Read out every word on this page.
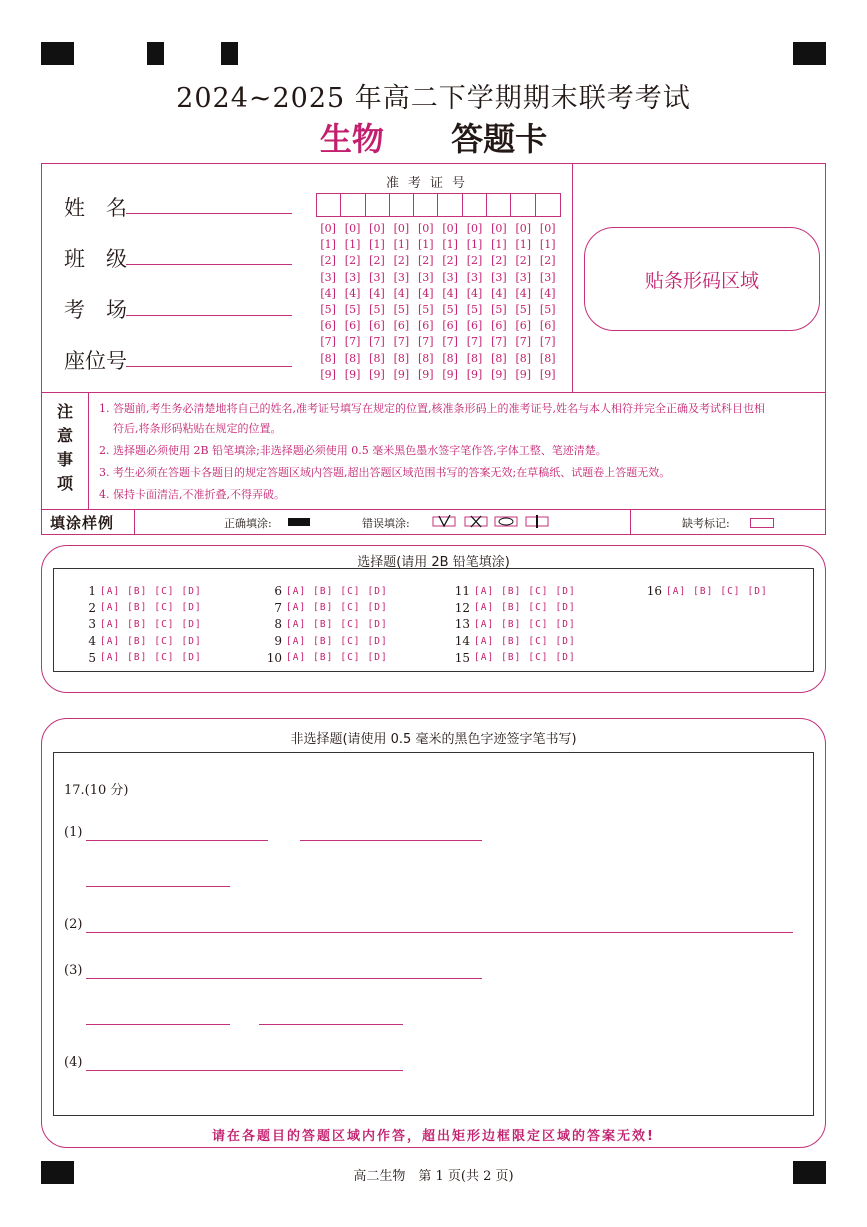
2024~2025 年高二下学期期末联考考试
生物 答题卡
姓　名
班　级
考　场
座位号
准考证号
[0] [0] [0] [0] [0] [0] [0] [0] [0] [0]
[1] [1] [1] [1] [1] [1] [1] [1] [1] [1]
[2] [2] [2] [2] [2] [2] [2] [2] [2] [2]
[3] [3] [3] [3] [3] [3] [3] [3] [3] [3]
[4] [4] [4] [4] [4] [4] [4] [4] [4] [4]
[5] [5] [5] [5] [5] [5] [5] [5] [5] [5]
[6] [6] [6] [6] [6] [6] [6] [6] [6] [6]
[7] [7] [7] [7] [7] [7] [7] [7] [7] [7]
[8] [8] [8] [8] [8] [8] [8] [8] [8] [8]
[9] [9] [9] [9] [9] [9] [9] [9] [9] [9]
贴条形码区域
注
意
事
项
1. 答题前,考生务必清楚地将自己的姓名,准考证号填写在规定的位置,核准条形码上的准考证号,姓名与本人相符并完全正确及考试科目也相
符后,将条形码粘贴在规定的位置。
2. 选择题必须使用 2B 铅笔填涂;非选择题必须使用 0.5 毫米黑色墨水签字笔作答,字体工整、笔迹清楚。
3. 考生必须在答题卡各题目的规定答题区域内答题,超出答题区域范围书写的答案无效;在草稿纸、试题卷上答题无效。
4. 保持卡面清洁,不准折叠,不得弄破。
填涂样例	正确填涂:	错误填涂:	缺考标记:
选择题(请用 2B 铅笔填涂)
1 [A] [B] [C] [D]
2 [A] [B] [C] [D]
3 [A] [B] [C] [D]
4 [A] [B] [C] [D]
5 [A] [B] [C] [D]
6 [A] [B] [C] [D]
7 [A] [B] [C] [D]
8 [A] [B] [C] [D]
9 [A] [B] [C] [D]
10 [A] [B] [C] [D]
11 [A] [B] [C] [D]
12 [A] [B] [C] [D]
13 [A] [B] [C] [D]
14 [A] [B] [C] [D]
15 [A] [B] [C] [D]
16 [A] [B] [C] [D]
非选择题(请使用 0.5 毫米的黑色字迹签字笔书写)
请在各题目的答题区域内作答，超出矩形边框限定区域的答案无效!
17.(10 分)
(1)
(2)
(3)
(4)
高二生物　第 1 页(共 2 页)
